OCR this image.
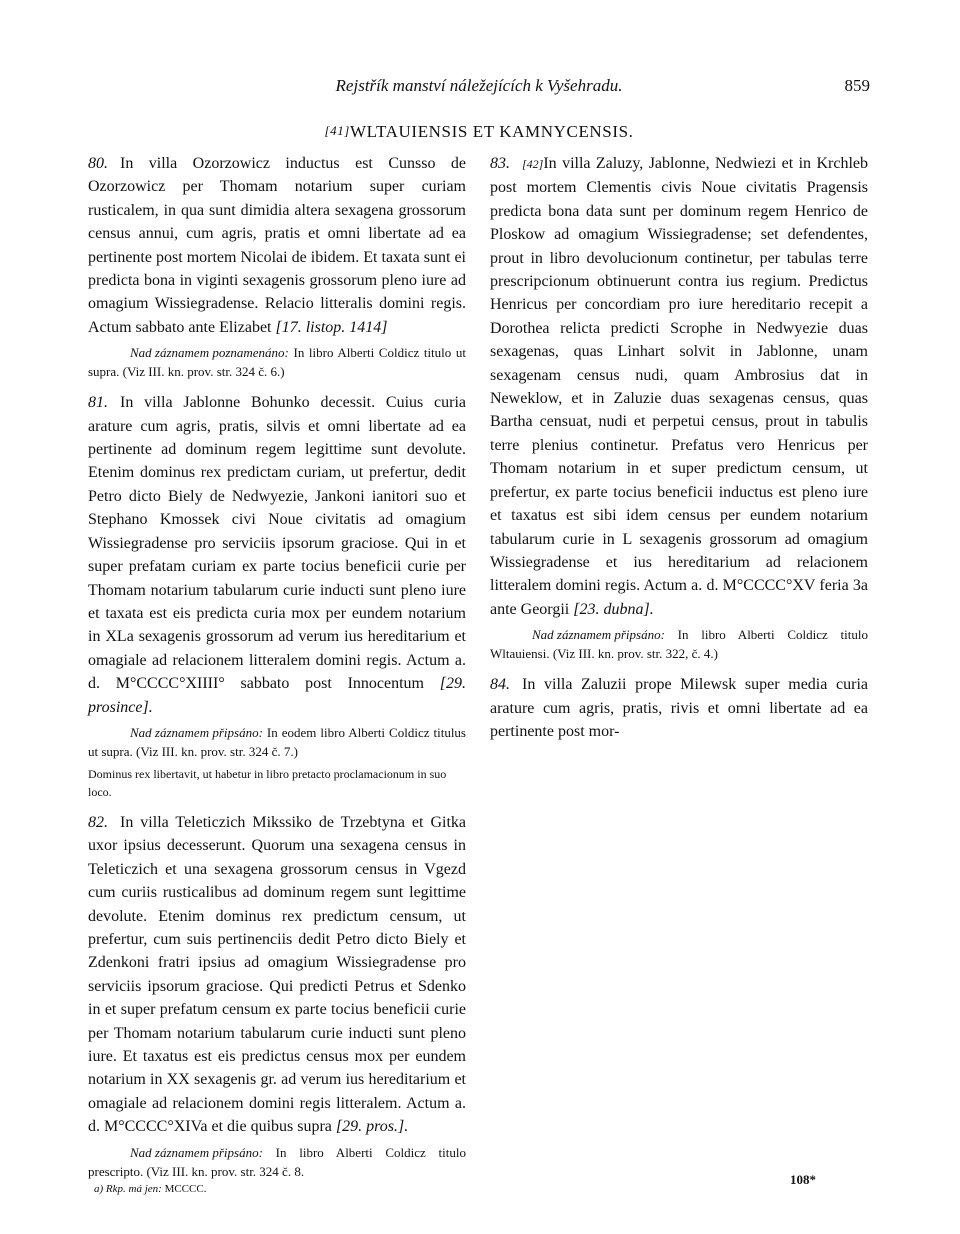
Rejstřík manství náležejících k Vyšehradu.	859
[41]WLTAUIENSIS ET KAMNYCENSIS.

80. In villa Ozorzowicz inductus est Cunsso de Ozorzowicz per Thomam notarium super curiam rusticalem, in qua sunt dimidia altera sexagena grossorum census annui, cum agris, pratis et omni libertate ad ea pertinente post mortem Nicolai de ibidem. Et taxata sunt ei predicta bona in viginti sexagenis grossorum pleno iure ad omagium Wissiegradense. Relacio litteralis domini regis. Actum sabbato ante Elizabet [17. listop. 1414]

Nad záznamem poznamenáno: In libro Alberti Coldicz titulo ut supra. (Viz III. kn. prov. str. 324 č. 6.)

81. In villa Jablonne Bohunko decessit. Cuius curia arature cum agris, pratis, silvis et omni libertate ad ea pertinente ad dominum regem legittime sunt devolute. Etenim dominus rex predictam curiam, ut prefertur, dedit Petro dicto Biely de Nedwyezie, Jankoni ianitori suo et Stephano Kmossek civi Noue civitatis ad omagium Wissiegradense pro serviciis ipsorum graciose. Qui in et super prefatam curiam ex parte tocius beneficii curie per Thomam notarium tabularum curie inducti sunt pleno iure et taxata est eis predicta curia mox per eundem notarium in XLa sexagenis grossorum ad verum ius hereditarium et omagiale ad relacionem litteralem domini regis. Actum a. d. M°CCCC°XIIII° sabbato post Innocentum [29. prosince].

Nad záznamem připsáno: In eodem libro Alberti Coldicz titulus ut supra. (Viz III. kn. prov. str. 324 č. 7.)

Dominus rex libertavit, ut habetur in libro pretacto proclamacionum in suo loco.

82. In villa Teleticzich Mikssiko de Trzebtyna et Gitka uxor ipsius decesserunt. Quorum una sexagena census in Teleticzich et una sexagena grossorum census in Vgezd cum curiis rusticalibus ad dominum regem sunt legittime devolute. Etenim dominus rex predictum censum, ut prefertur, cum suis pertinenciis dedit Petro dicto Biely et Zdenkoni fratri ipsius ad omagium Wissiegradense pro serviciis ipsorum graciose. Qui predicti Petrus et Sdenko in et super prefatum censum ex parte tocius beneficii curie per Thomam notarium tabularum curie inducti sunt pleno iure. Et taxatus est eis predictus census mox per eundem notarium in XX sexagenis gr. ad verum ius hereditarium et omagiale ad relacionem domini regis litteralem. Actum a. d. M°CCCC°XIVa et die quibus supra [29. pros.].

Nad záznamem připsáno: In libro Alberti Coldicz titulo prescripto. (Viz III. kn. prov. str. 324 č. 8.

a) Rkp. má jen: MCCCC.

83. [42]In villa Zaluzy, Jablonne, Nedwiezi et in Krchleb post mortem Clementis civis Noue civitatis Pragensis predicta bona data sunt per dominum regem Henrico de Ploskow ad omagium Wissiegradense; set defendentes, prout in libro devolucionum continetur, per tabulas terre prescripcionum obtinuerunt contra ius regium. Predictus Henricus per concordiam pro iure hereditario recepit a Dorothea relicta predicti Scrophe in Nedwyezie duas sexagenas, quas Linhart solvit in Jablonne, unam sexagenam census nudi, quam Ambrosius dat in Neweklow, et in Zaluzie duas sexagenas census, quas Bartha censuat, nudi et perpetui census, prout in tabulis terre plenius continetur. Prefatus vero Henricus per Thomam notarium in et super predictum censum, ut prefertur, ex parte tocius beneficii inductus est pleno iure et taxatus est sibi idem census per eundem notarium tabularum curie in L sexagenis grossorum ad omagium Wissiegradense et ius hereditarium ad relacionem litteralem domini regis. Actum a. d. M°CCCC°XV feria 3a ante Georgii [23. dubna].

Nad záznamem připsáno: In libro Alberti Coldicz titulo Wltauiensi. (Viz III. kn. prov. str. 322, č. 4.)

84. In villa Zaluzii prope Milewsk super media curia arature cum agris, pratis, rivis et omni libertate ad ea pertinente post mor-

108*
